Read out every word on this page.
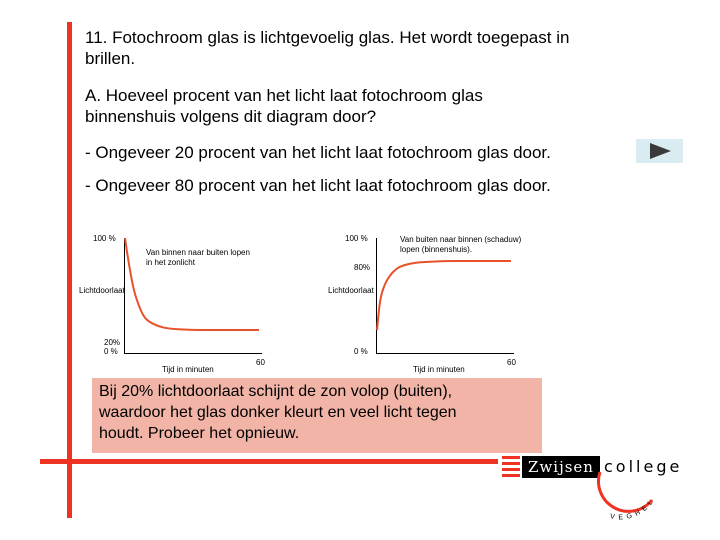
11. Fotochroom glas is lichtgevoelig glas. Het wordt toegepast in
brillen.
A. Hoeveel procent van het licht laat fotochroom glas
binnenshuis volgens dit diagram door?
- Ongeveer 20 procent van het licht laat fotochroom glas door.
- Ongeveer 80 procent van het licht laat fotochroom glas door.
100 %
Van binnen naar buiten lopen in het zonlicht
Lichtdoorlaat
20%
0 %
Tijd in minuten
60
100 %	Van buiten naar binnen (schaduw) lopen (binnenshuis).
80%
Lichtdoorlaat
0 %
Tijd in minuten
60
Bij 20% lichtdoorlaat schijnt de zon volop (buiten),
waardoor het glas donker kleurt en veel licht tegen
houdt. Probeer het opnieuw.
Zwijsen college
VEGHEL
